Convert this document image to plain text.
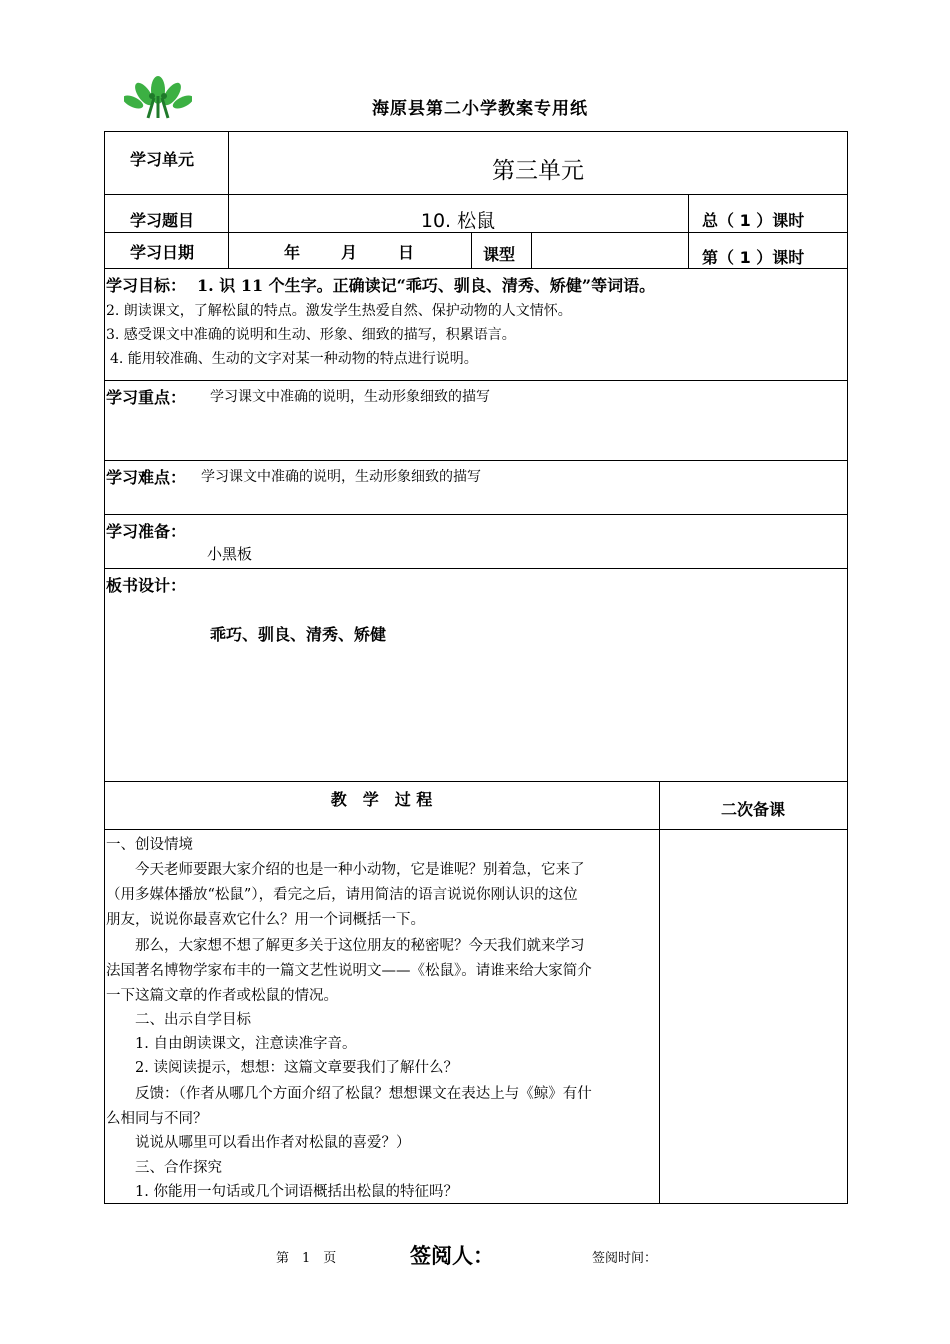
海原县第二小学教案专用纸
学习单元	第三单元
学习题目	10. 松鼠	总（ 1 ）课时
学习日期	年	月	日	课型	第（ 1 ）课时
学习目标： 1. 识 11 个生字。正确读记“乖巧、驯良、清秀、矫健”等词语。
2. 朗读课文，了解松鼠的特点。激发学生热爱自然、保护动物的人文情怀。
3. 感受课文中准确的说明和生动、形象、细致的描写，积累语言。
4. 能用较准确、生动的文字对某一种动物的特点进行说明。
学习重点： 学习课文中准确的说明，生动形象细致的描写
学习难点： 学习课文中准确的说明，生动形象细致的描写
学习准备：
小黑板
板书设计：
乖巧、驯良、清秀、矫健
教　学　过 程
二次备课
一、创设情境
　　今天老师要跟大家介绍的也是一种小动物，它是谁呢？别着急，它来了
（用多媒体播放“松鼠”），看完之后，请用简洁的语言说说你刚认识的这位
朋友，说说你最喜欢它什么？用一个词概括一下。
　　那么，大家想不想了解更多关于这位朋友的秘密呢？今天我们就来学习
法国著名博物学家布丰的一篇文艺性说明文——《松鼠》。请谁来给大家简介
一下这篇文章的作者或松鼠的情况。
　　二、出示自学目标
　　1. 自由朗读课文，注意读准字音。
　　2. 读阅读提示，想想：这篇文章要我们了解什么？
　　反馈：（作者从哪几个方面介绍了松鼠？想想课文在表达上与《鲸》有什
么相同与不同？
　　说说从哪里可以看出作者对松鼠的喜爱？）
　　三、合作探究
　　1. 你能用一句话或几个词语概括出松鼠的特征吗？
第　1　页	签阅人：	签阅时间：
